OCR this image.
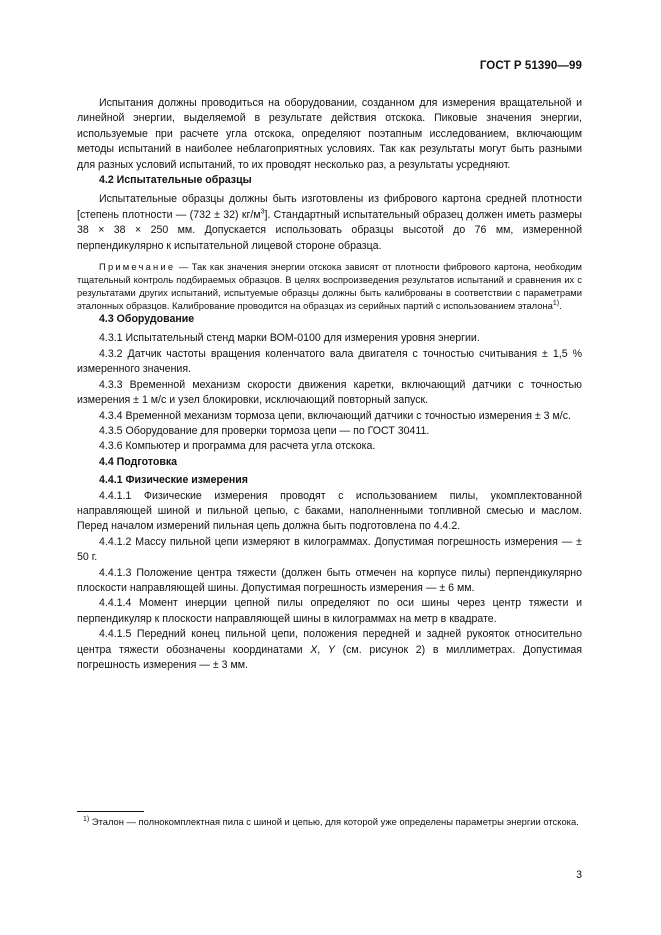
ГОСТ Р 51390—99

Испытания должны проводиться на оборудовании, созданном для измерения вращательной и линейной энергии, выделяемой в результате действия отскока. Пиковые значения энергии, используемые при расчете угла отскока, определяют поэтапным исследованием, включающим методы испытаний в наиболее неблагоприятных условиях. Так как результаты могут быть разными для разных условий испытаний, то их проводят несколько раз, а результаты усредняют.

4.2 Испытательные образцы

Испытательные образцы должны быть изготовлены из фибрового картона средней плотности [степень плотности — (732 ± 32) $кг/м^3$]. Стандартный испытательный образец должен иметь размеры 38 × 38 × 250 мм. Допускается использовать образцы высотой до 76 мм, измеренной перпендикулярно к испытательной лицевой стороне образца.

Примечание — Так как значения энергии отскока зависят от плотности фибрового картона, необходим тщательный контроль подбираемых образцов. В целях воспроизведения результатов испытаний и сравнения их с результатами других испытаний, испытуемые образцы должны быть калиброваны в соответствии с параметрами эталонных образцов. Калибрование проводится на образцах из серийных партий с использованием эталона$^{1)}$.

4.3 Оборудование

4.3.1 Испытательный стенд марки ВОМ-0100 для измерения уровня энергии.

4.3.2 Датчик частоты вращения коленчатого вала двигателя с точностью считывания ± 1,5 % измеренного значения.

4.3.3 Временной механизм скорости движения каретки, включающий датчики с точностью измерения ± 1 м/с и узел блокировки, исключающий повторный запуск.

4.3.4 Временной механизм тормоза цепи, включающий датчики с точностью измерения ± 3 м/с.

4.3.5 Оборудование для проверки тормоза цепи — по ГОСТ 30411.

4.3.6 Компьютер и программа для расчета угла отскока.

4.4 Подготовка

4.4.1 Физические измерения

4.4.1.1 Физические измерения проводят с использованием пилы, укомплектованной направляющей шиной и пильной цепью, с баками, наполненными топливной смесью и маслом. Перед началом измерений пильная цепь должна быть подготовлена по 4.4.2.

4.4.1.2 Массу пильной цепи измеряют в килограммах. Допустимая погрешность измерения — ± 50 г.

4.4.1.3 Положение центра тяжести (должен быть отмечен на корпусе пилы) перпендикулярно плоскости направляющей шины. Допустимая погрешность измерения — ± 6 мм.

4.4.1.4 Момент инерции цепной пилы определяют по оси шины через центр тяжести и перпендикуляр к плоскости направляющей шины в килограммах на метр в квадрате.

4.4.1.5 Передний конец пильной цепи, положения передней и задней рукояток относительно центра тяжести обозначены координатами X, Y (см. рисунок 2) в миллиметрах. Допустимая погрешность измерения — ± 3 мм.

$^{1)}$ Эталон — полнокомплектная пила с шиной и цепью, для которой уже определены параметры энергии отскока.

3
